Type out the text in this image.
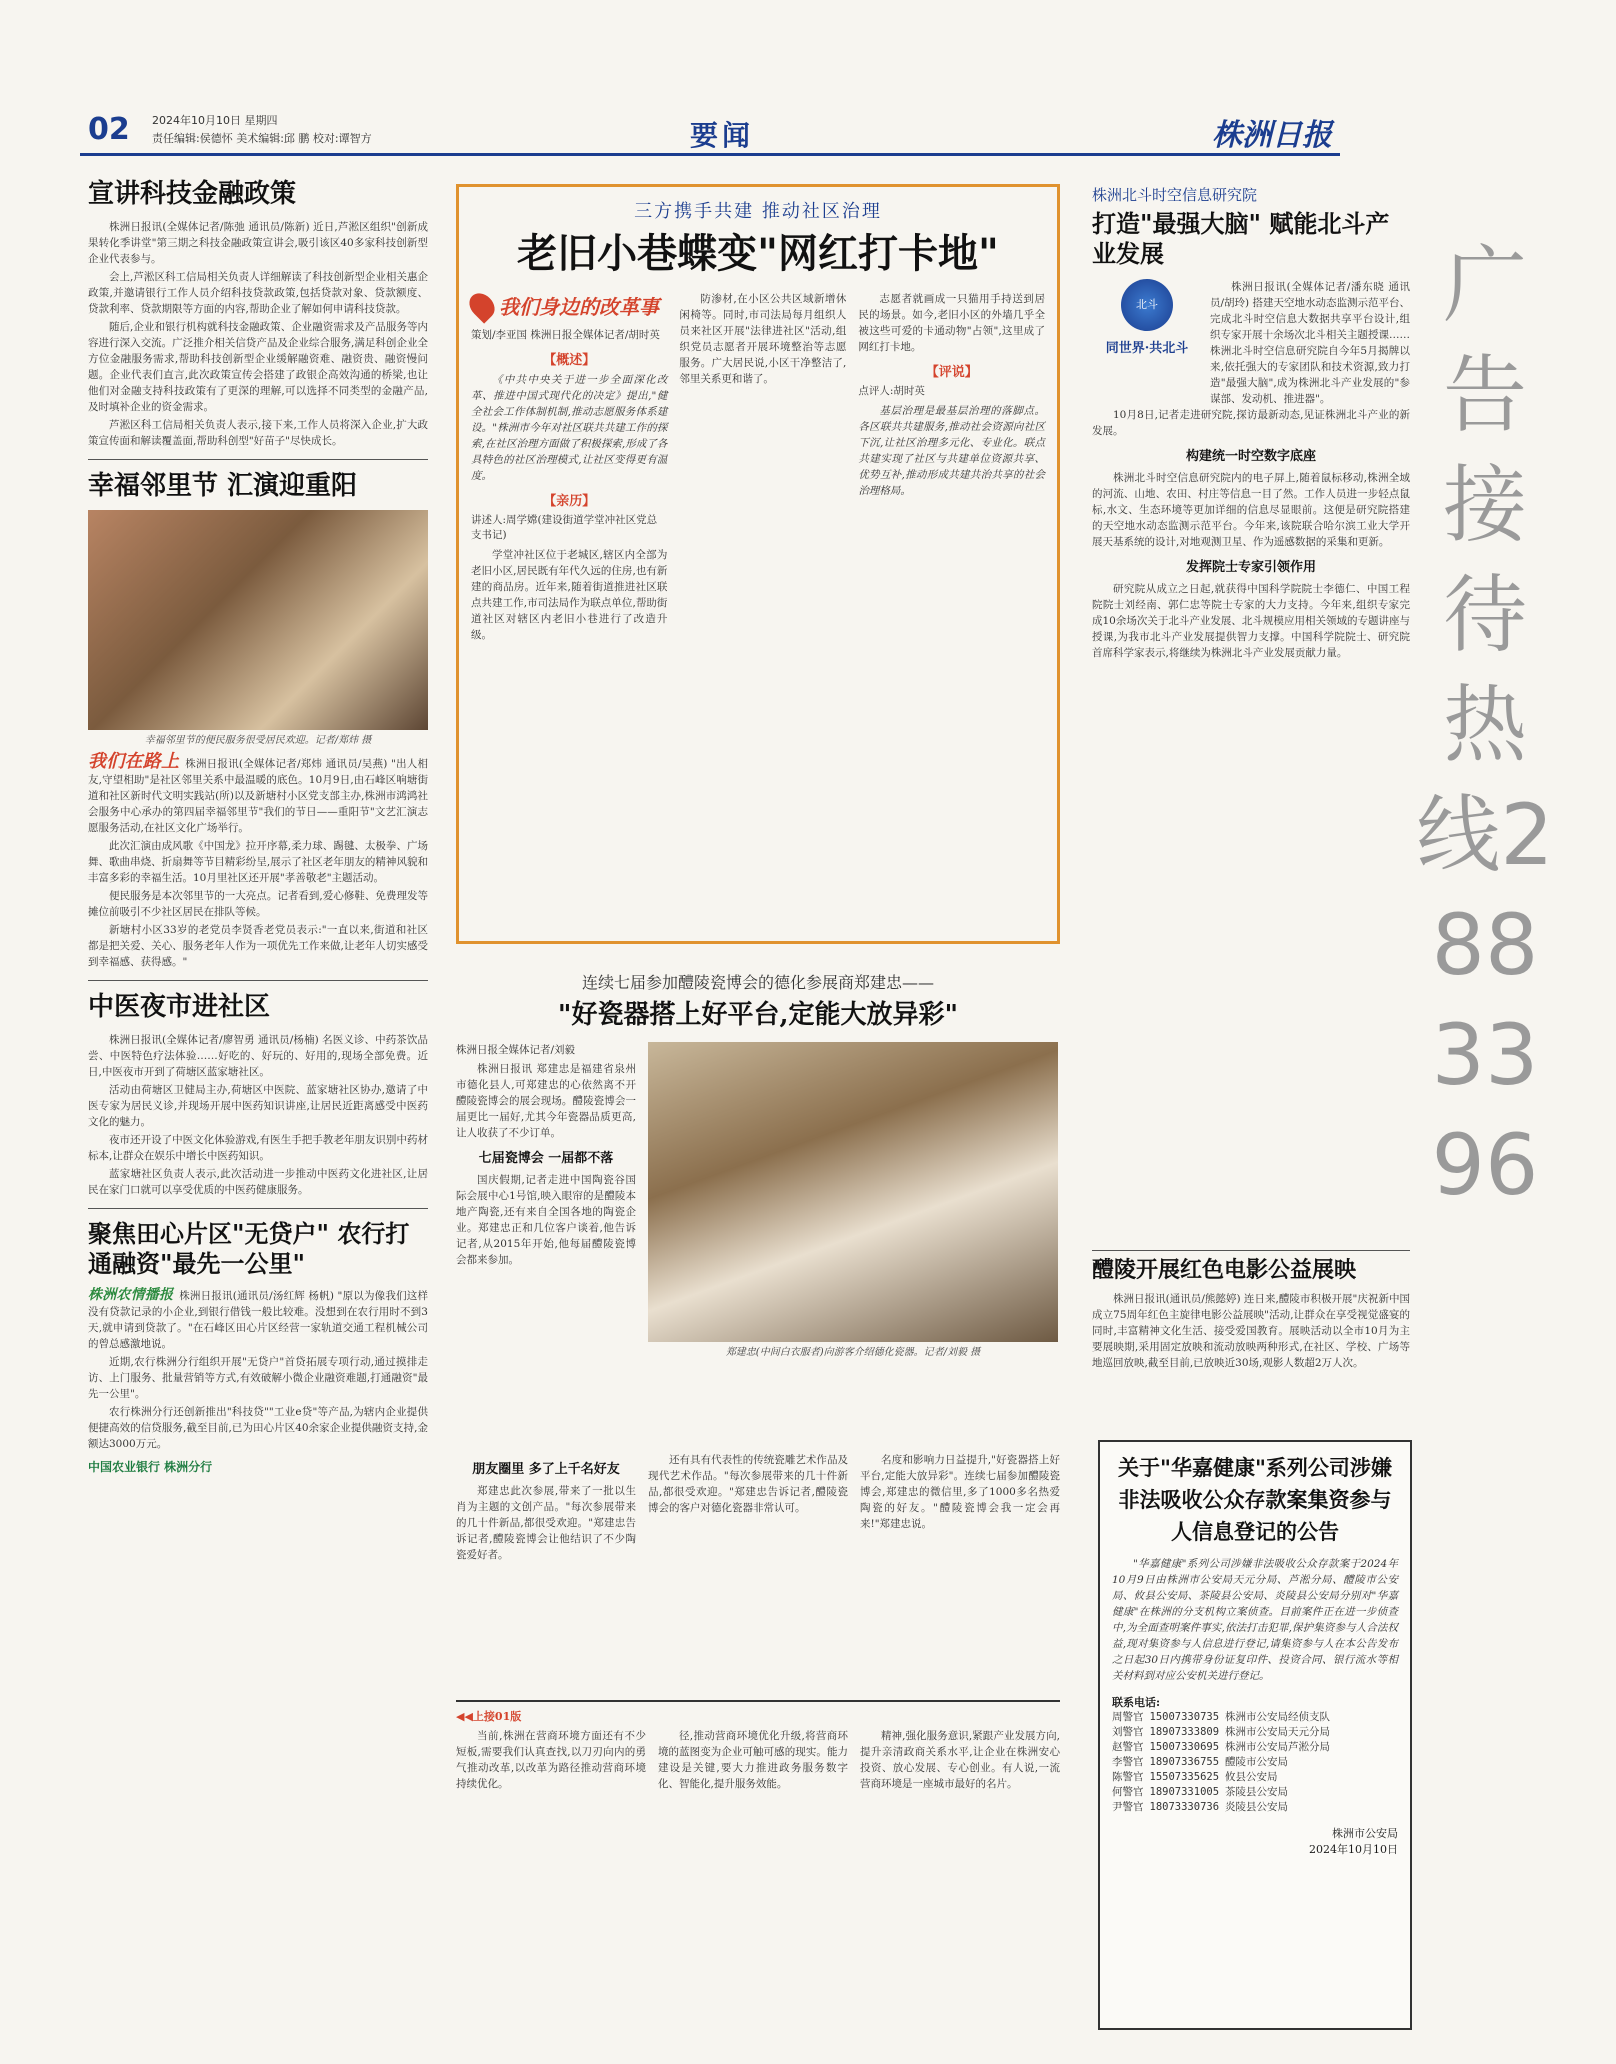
02 2024年10月10日 星期四
责任编辑:侯德怀 美术编辑:邱 鹏 校对:谭智方	要闻	株洲日报
宣讲科技金融政策

株洲日报讯(全媒体记者/陈弛 通讯员/陈新) 近日,芦淞区组织"创新成果转化季讲堂"第三期之科技金融政策宣讲会,吸引该区40多家科技创新型企业代表参与。

会上,芦淞区科工信局相关负责人详细解读了科技创新型企业相关惠企政策,并邀请银行工作人员介绍科技贷款政策,包括贷款对象、贷款额度、贷款利率、贷款期限等方面的内容,帮助企业了解如何申请科技贷款。

随后,企业和银行机构就科技金融政策、企业融资需求及产品服务等内容进行深入交流。广泛推介相关信贷产品及企业综合服务,满足科创企业全方位金融服务需求,帮助科技创新型企业缓解融资难、融资贵、融资慢问题。企业代表们直言,此次政策宣传会搭建了政银企高效沟通的桥梁,也让他们对金融支持科技政策有了更深的理解,可以选择不同类型的金融产品,及时填补企业的资金需求。

芦淞区科工信局相关负责人表示,接下来,工作人员将深入企业,扩大政策宣传面和解读覆盖面,帮助科创型"好苗子"尽快成长。

幸福邻里节 汇演迎重阳
幸福邻里节的便民服务很受居民欢迎。记者/郑炜 摄

我们在路上 株洲日报讯(全媒体记者/郑炜 通讯员/吴燕) "出人相友,守望相助"是社区邻里关系中最温暖的底色。10月9日,由石峰区响塘街道和社区新时代文明实践站(所)以及新塘村小区党支部主办,株洲市鸿鸿社会服务中心承办的第四届幸福邻里节"我们的节日——重阳节"文艺汇演志愿服务活动,在社区文化广场举行。

此次汇演由成风歌《中国龙》拉开序幕,柔力球、踢毽、太极拳、广场舞、歌曲串烧、折扇舞等节目精彩纷呈,展示了社区老年朋友的精神风貌和丰富多彩的幸福生活。10月里社区还开展"孝善敬老"主题活动。

便民服务是本次邻里节的一大亮点。记者看到,爱心修鞋、免费理发等摊位前吸引不少社区居民在排队等候。

新塘村小区33岁的老党员李贤香老党员表示:"一直以来,街道和社区都是把关爱、关心、服务老年人作为一项优先工作来做,让老年人切实感受到幸福感、获得感。"

中医夜市进社区

株洲日报讯(全媒体记者/廖智勇 通讯员/杨楠) 名医义诊、中药茶饮品尝、中医特色疗法体验……好吃的、好玩的、好用的,现场全部免费。近日,中医夜市开到了荷塘区蓝家塘社区。

活动由荷塘区卫健局主办,荷塘区中医院、蓝家塘社区协办,邀请了中医专家为居民义诊,并现场开展中医药知识讲座,让居民近距离感受中医药文化的魅力。

夜市还开设了中医文化体验游戏,有医生手把手教老年朋友识别中药材标本,让群众在娱乐中增长中医药知识。

蓝家塘社区负责人表示,此次活动进一步推动中医药文化进社区,让居民在家门口就可以享受优质的中医药健康服务。

聚焦田心片区"无贷户" 农行打通融资"最先一公里"

株洲农情播报 株洲日报讯(通讯员/汤红辉 杨帆) "原以为像我们这样没有贷款记录的小企业,到银行借钱一般比较难。没想到在农行用时不到3天,就申请到贷款了。"在石峰区田心片区经营一家轨道交通工程机械公司的曾总感激地说。

近期,农行株洲分行组织开展"无贷户"首贷拓展专项行动,通过摸排走访、上门服务、批量营销等方式,有效破解小微企业融资难题,打通融资"最先一公里"。

农行株洲分行还创新推出"科技贷""工业e贷"等产品,为辖内企业提供便捷高效的信贷服务,截至目前,已为田心片区40余家企业提供融资支持,金额达3000万元。

中国农业银行 株洲分行
三方携手共建 推动社区治理
老旧小巷蝶变"网红打卡地"
我们身边的改革事
策划/李亚国 株洲日报全媒体记者/胡时英
【概述】
《中共中央关于进一步全面深化改革、推进中国式现代化的决定》提出,"健全社会工作体制机制,推动志愿服务体系建设。"株洲市今年对社区联共共建工作的探索,在社区治理方面做了积极探索,形成了各具特色的社区治理模式,让社区变得更有温度。
【亲历】
讲述人:周学嫦(建设街道学堂冲社区党总支书记)
学堂冲社区位于老城区,辖区内全部为老旧小区,居民既有年代久远的住房,也有新建的商品房。近年来,随着街道推进社区联点共建工作,市司法局作为联点单位,帮助街道社区对辖区内老旧小巷进行了改造升级。
防渗材,在小区公共区域新增休闲椅等。同时,市司法局每月组织人员来社区开展"法律进社区"活动,组织党员志愿者开展环境整治等志愿服务。广大居民说,小区干净整洁了,邻里关系更和谐了。
志愿者就画成一只猫用手持送到居民的场景。如今,老旧小区的外墙几乎全被这些可爱的卡通动物"占领",这里成了网红打卡地。
【评说】
点评人:胡时英
基层治理是最基层治理的落脚点。各区联共共建服务,推动社会资源向社区下沉,让社区治理多元化、专业化。联点共建实现了社区与共建单位资源共享、优势互补,推动形成共建共治共享的社会治理格局。
连续七届参加醴陵瓷博会的德化参展商郑建忠——
"好瓷器搭上好平台,定能大放异彩"
株洲日报全媒体记者/刘毅
株洲日报讯 郑建忠是福建省泉州市德化县人,可郑建忠的心依然离不开醴陵瓷博会的展会现场。醴陵瓷博会一届更比一届好,尤其今年瓷器品质更高,让人收获了不少订单。
七届瓷博会 一届都不落
国庆假期,记者走进中国陶瓷谷国际会展中心1号馆,映入眼帘的是醴陵本地产陶瓷,还有来自全国各地的陶瓷企业。郑建忠正和几位客户谈着,他告诉记者,从2015年开始,他每届醴陵瓷博会都来参加。
郑建忠(中间白衣服者)向游客介绍德化瓷器。记者/刘毅 摄
朋友圈里 多了上千名好友
郑建忠此次参展,带来了一批以生肖为主题的文创产品。"每次参展带来的几十件新品,都很受欢迎。"郑建忠告诉记者,醴陵瓷博会让他结识了不少陶瓷爱好者。
还有具有代表性的传统瓷雕艺术作品及现代艺术作品。"每次参展带来的几十件新品,都很受欢迎。"郑建忠告诉记者,醴陵瓷博会的客户对德化瓷器非常认可。
名度和影响力日益提升,"好瓷器搭上好平台,定能大放异彩"。连续七届参加醴陵瓷博会,郑建忠的微信里,多了1000多名热爱陶瓷的好友。"醴陵瓷博会我一定会再来!"郑建忠说。
◀◀上接01版
当前,株洲在营商环境方面还有不少短板,需要我们认真查找,以刀刃向内的勇气推动改革,以改革为路径推动营商环境持续优化。
径,推动营商环境优化升级,将营商环境的蓝图变为企业可触可感的现实。能力建设是关键,要大力推进政务服务数字化、智能化,提升服务效能。
精神,强化服务意识,紧跟产业发展方向,提升亲清政商关系水平,让企业在株洲安心投资、放心发展、专心创业。有人说,一流营商环境是一座城市最好的名片。
株洲北斗时空信息研究院
打造"最强大脑" 赋能北斗产业发展
北斗
同世界·共北斗
株洲日报讯(全媒体记者/潘东晓 通讯员/胡玲) 搭建天空地水动态监测示范平台、完成北斗时空信息大数据共享平台设计,组织专家开展十余场次北斗相关主题授课……株洲北斗时空信息研究院自今年5月揭牌以来,依托强大的专家团队和技术资源,致力打造"最强大脑",成为株洲北斗产业发展的"参谋部、发动机、推进器"。
10月8日,记者走进研究院,探访最新动态,见证株洲北斗产业的新发展。
构建统一时空数字底座
株洲北斗时空信息研究院内的电子屏上,随着鼠标移动,株洲全域的河流、山地、农田、村庄等信息一目了然。工作人员进一步轻点鼠标,水文、生态环境等更加详细的信息尽显眼前。这便是研究院搭建的天空地水动态监测示范平台。今年来,该院联合哈尔滨工业大学开展天基系统的设计,对地观测卫星、作为遥感数据的采集和更新。
发挥院士专家引领作用
研究院从成立之日起,就获得中国科学院院士李德仁、中国工程院院士刘经南、郭仁忠等院士专家的大力支持。今年来,组织专家完成10余场次关于北斗产业发展、北斗规模应用相关领域的专题讲座与授课,为我市北斗产业发展提供智力支撑。中国科学院院士、研究院首席科学家表示,将继续为株洲北斗产业发展贡献力量。
醴陵开展红色电影公益展映
株洲日报讯(通讯员/熊懿婷) 连日来,醴陵市积极开展"庆祝新中国成立75周年红色主旋律电影公益展映"活动,让群众在享受视觉盛宴的同时,丰富精神文化生活、接受爱国教育。展映活动以全市10月为主要展映期,采用固定放映和流动放映两种形式,在社区、学校、广场等地巡回放映,截至目前,已放映近30场,观影人数超2万人次。
广告接待热线2883396
关于"华嘉健康"系列公司涉嫌非法吸收公众存款案集资参与人信息登记的公告
"华嘉健康"系列公司涉嫌非法吸收公众存款案于2024年10月9日由株洲市公安局天元分局、芦淞分局、醴陵市公安局、攸县公安局、茶陵县公安局、炎陵县公安局分别对"华嘉健康"在株洲的分支机构立案侦查。目前案件正在进一步侦查中,为全面查明案件事实,依法打击犯罪,保护集资参与人合法权益,现对集资参与人信息进行登记,请集资参与人在本公告发布之日起30日内携带身份证复印件、投资合同、银行流水等相关材料到对应公安机关进行登记。
联系电话:
周警官 15007330735 株洲市公安局经侦支队
刘警官 18907333809 株洲市公安局天元分局
赵警官 15007330695 株洲市公安局芦淞分局
李警官 18907336755 醴陵市公安局
陈警官 15507335625 攸县公安局
何警官 18907331005 茶陵县公安局
尹警官 18073330736 炎陵县公安局
株洲市公安局
2024年10月10日
